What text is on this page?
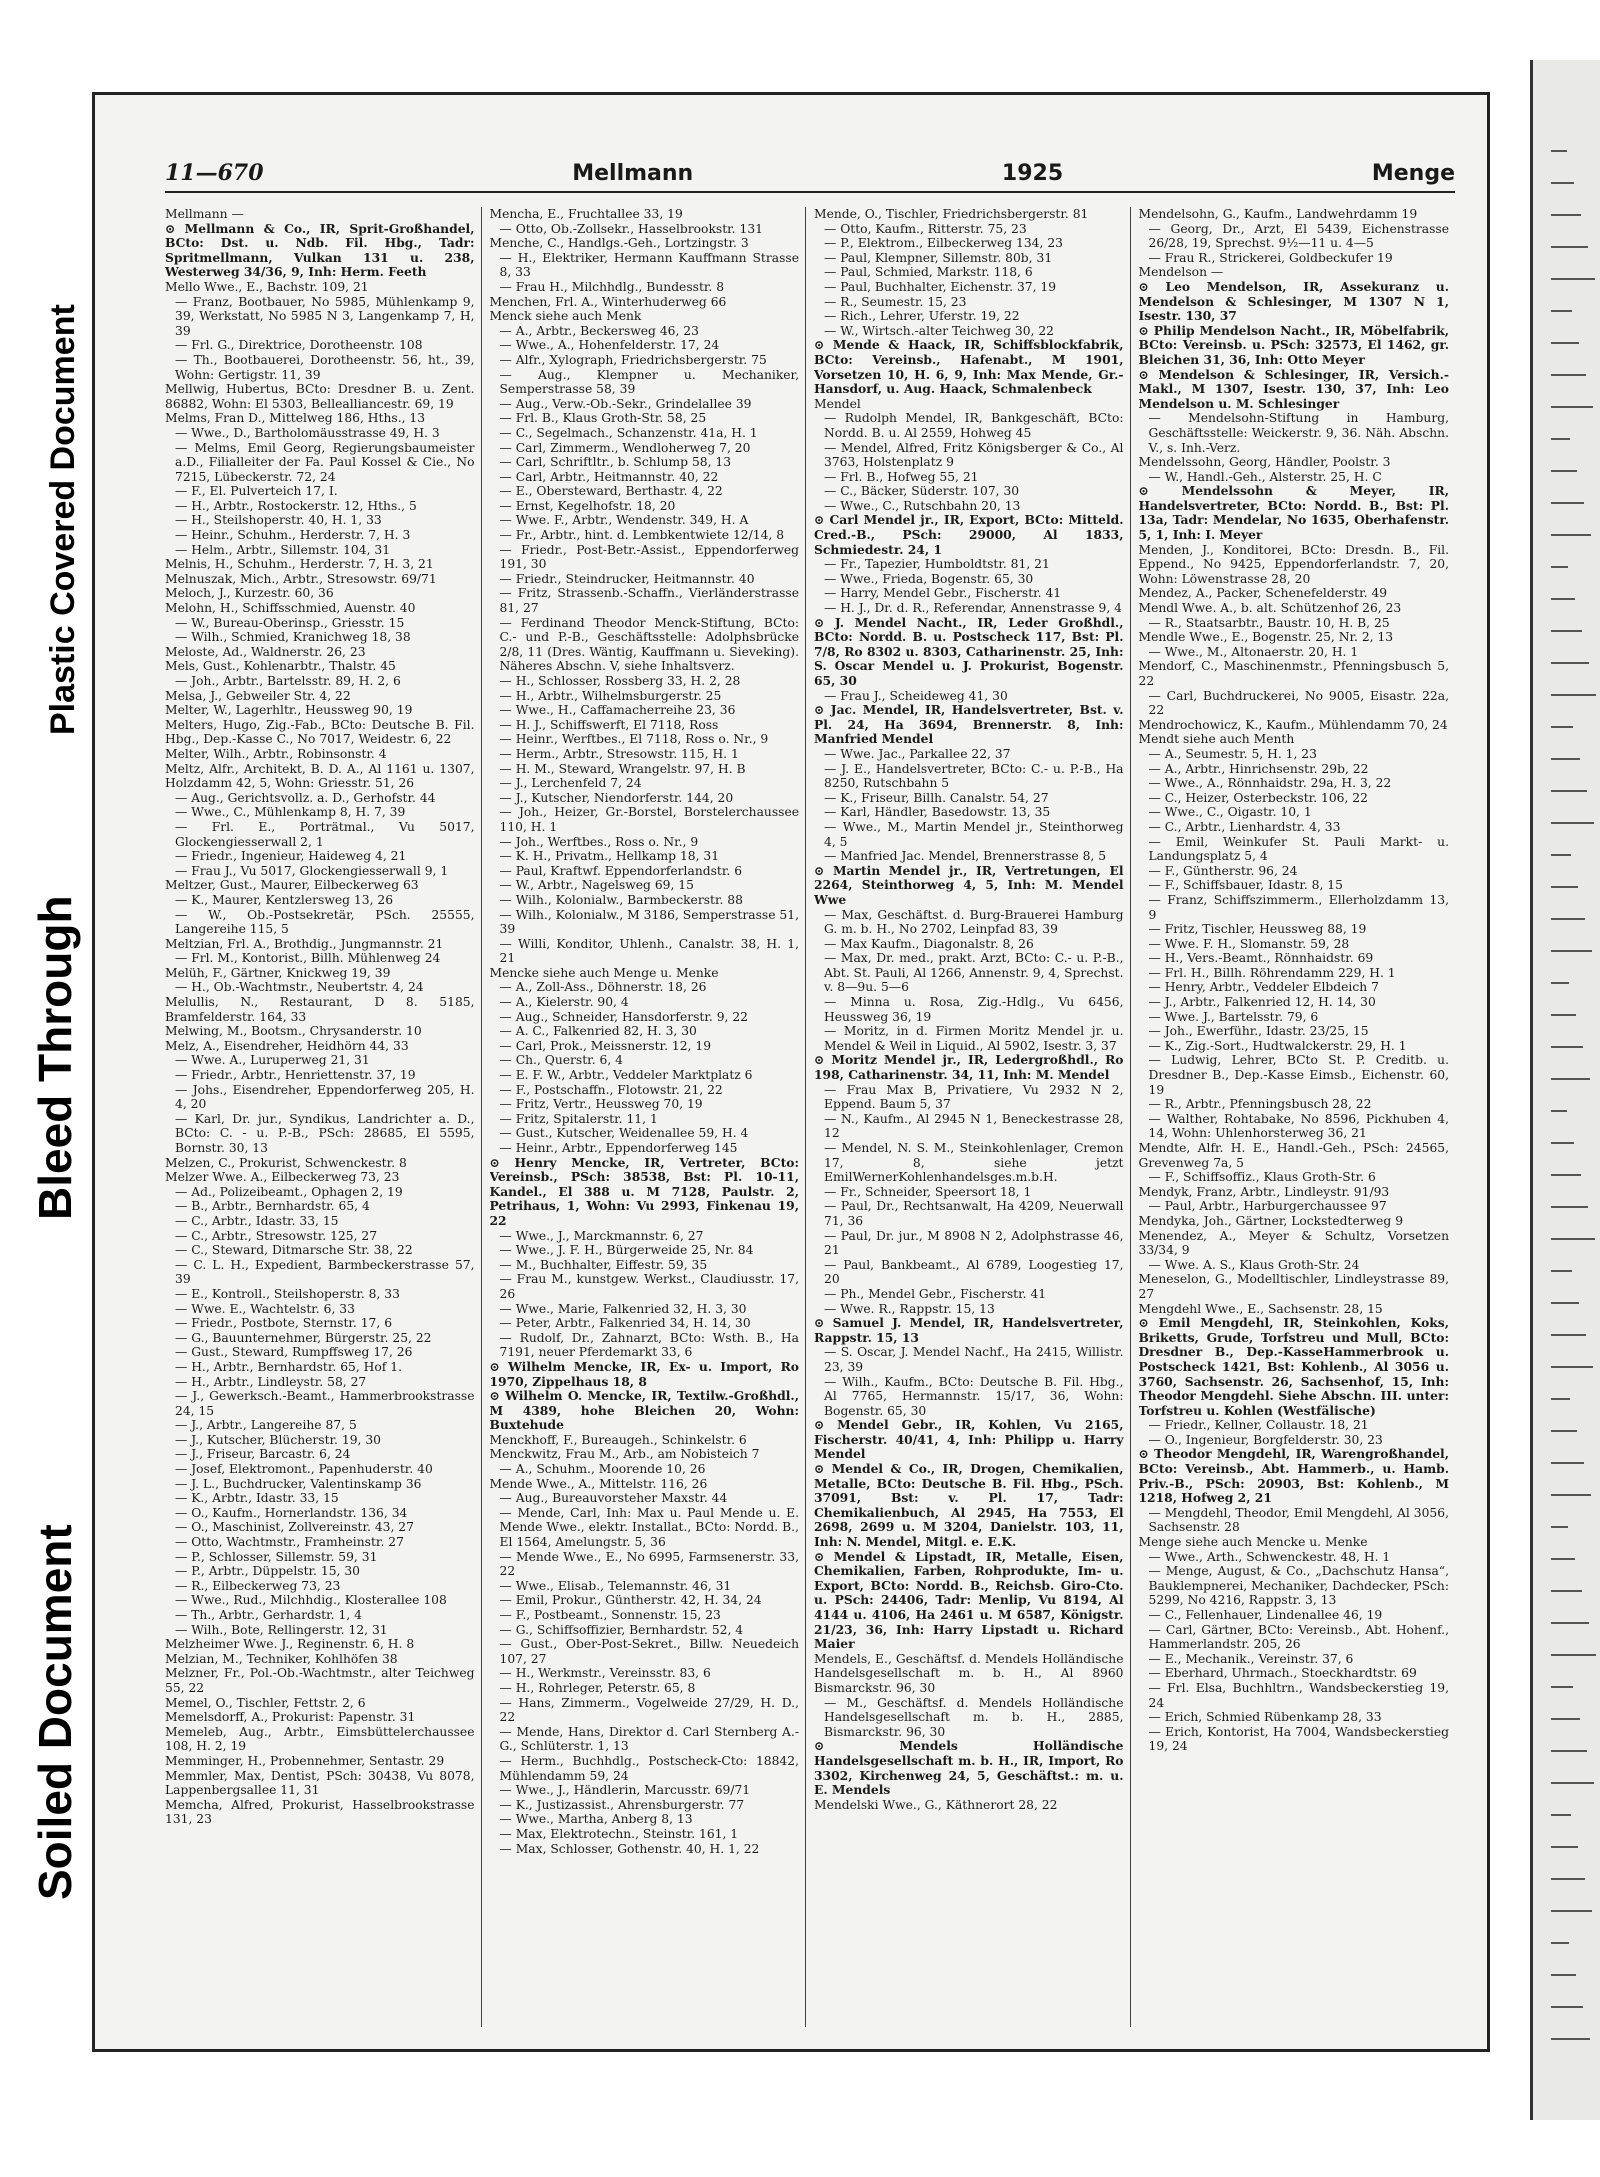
Soiled Document
Bleed Through
Plastic Covered Document
11—670	Mellmann	1925	Menge

Mellmann —

⊙ Mellmann & Co., IR, Sprit-Großhandel, BCto: Dst. u. Ndb. Fil. Hbg., Tadr: Spritmellmann, Vulkan 131 u. 238, Westerweg 34/36, 9, Inh: Herm. Feeth

Mello Wwe., E., Bachstr. 109, 21

— Franz, Bootbauer, No 5985, Mühlenkamp 9, 39, Werkstatt, No 5985 N 3, Langenkamp 7, H, 39

— Frl. G., Direktrice, Dorotheenstr. 108

— Th., Bootbauerei, Dorotheenstr. 56, ht., 39, Wohn: Gertigstr. 11, 39

Mellwig, Hubertus, BCto: Dresdner B. u. Zent. 86882, Wohn: El 5303, Bellealliancestr. 69, 19

Melms, Fran D., Mittelweg 186, Hths., 13

— Wwe., D., Bartholomäusstrasse 49, H. 3

— Melms, Emil Georg, Regierungsbaumeister a.D., Filialleiter der Fa. Paul Kossel & Cie., No 7215, Lübeckerstr. 72, 24

— F., El. Pulverteich 17, I.

— H., Arbtr., Rostockerstr. 12, Hths., 5

— H., Steilshoperstr. 40, H. 1, 33

— Heinr., Schuhm., Herderstr. 7, H. 3

— Helm., Arbtr., Sillemstr. 104, 31

Melnis, H., Schuhm., Herderstr. 7, H. 3, 21

Melnuszak, Mich., Arbtr., Stresowstr. 69/71

Meloch, J., Kurzestr. 60, 36

Melohn, H., Schiffsschmied, Auenstr. 40

— W., Bureau-Oberinsp., Griesstr. 15

— Wilh., Schmied, Kranichweg 18, 38

Meloste, Ad., Waldnerstr. 26, 23

Mels, Gust., Kohlenarbtr., Thalstr. 45

— Joh., Arbtr., Bartelsstr. 89, H. 2, 6

Melsa, J., Gebweiler Str. 4, 22

Melter, W., Lagerhltr., Heussweg 90, 19

Melters, Hugo, Zig.-Fab., BCto: Deutsche B. Fil. Hbg., Dep.-Kasse C., No 7017, Weidestr. 6, 22

Melter, Wilh., Arbtr., Robinsonstr. 4

Meltz, Alfr., Architekt, B. D. A., Al 1161 u. 1307, Holzdamm 42, 5, Wohn: Griesstr. 51, 26

— Aug., Gerichtsvollz. a. D., Gerhofstr. 44

— Wwe., C., Mühlenkamp 8, H. 7, 39

— Frl. E., Porträtmal., Vu 5017, Glockengiesserwall 2, 1

— Friedr., Ingenieur, Haideweg 4, 21

— Frau J., Vu 5017, Glockengiesserwall 9, 1

Meltzer, Gust., Maurer, Eilbeckerweg 63

— K., Maurer, Kentzlersweg 13, 26

— W., Ob.-Postsekretär, PSch. 25555, Langereihe 115, 5

Meltzian, Frl. A., Brothdig., Jungmannstr. 21

— Frl. M., Kontorist., Billh. Mühlenweg 24

Melüh, F., Gärtner, Knickweg 19, 39

— H., Ob.-Wachtmstr., Neubertstr. 4, 24

Melullis, N., Restaurant, D 8. 5185, Bramfelderstr. 164, 33

Melwing, M., Bootsm., Chrysanderstr. 10

Melz, A., Eisendreher, Heidhörn 44, 33

— Wwe. A., Luruperweg 21, 31

— Friedr., Arbtr., Henriettenstr. 37, 19

— Johs., Eisendreher, Eppendorferweg 205, H. 4, 20

— Karl, Dr. jur., Syndikus, Landrichter a. D., BCto: C. - u. P.-B., PSch: 28685, El 5595, Bornstr. 30, 13

Melzen, C., Prokurist, Schwenckestr. 8

Melzer Wwe. A., Eilbeckerweg 73, 23

— Ad., Polizeibeamt., Ophagen 2, 19

— B., Arbtr., Bernhardstr. 65, 4

— C., Arbtr., Idastr. 33, 15

— C., Arbtr., Stresowstr. 125, 27

— C., Steward, Ditmarsche Str. 38, 22

— C. L. H., Expedient, Barmbeckerstrasse 57, 39

— E., Kontroll., Steilshoperstr. 8, 33

— Wwe. E., Wachtelstr. 6, 33

— Friedr., Postbote, Sternstr. 17, 6

— G., Bauunternehmer, Bürgerstr. 25, 22

— Gust., Steward, Rumpffsweg 17, 26

— H., Arbtr., Bernhardstr. 65, Hof 1.

— H., Arbtr., Lindleystr. 58, 27

— J., Gewerksch.-Beamt., Hammerbrookstrasse 24, 15

— J., Arbtr., Langereihe 87, 5

— J., Kutscher, Blücherstr. 19, 30

— J., Friseur, Barcastr. 6, 24

— Josef, Elektromont., Papenhuderstr. 40

— J. L., Buchdrucker, Valentinskamp 36

— K., Arbtr., Idastr. 33, 15

— O., Kaufm., Hornerlandstr. 136, 34

— O., Maschinist, Zollvereinstr. 43, 27

— Otto, Wachtmstr., Framheinstr. 27

— P., Schlosser, Sillemstr. 59, 31

— P., Arbtr., Düppelstr. 15, 30

— R., Eilbeckerweg 73, 23

— Wwe., Rud., Milchhdig., Klosterallee 108

— Th., Arbtr., Gerhardstr. 1, 4

— Wilh., Bote, Rellingerstr. 12, 31

Melzheimer Wwe. J., Reginenstr. 6, H. 8

Melzian, M., Techniker, Kohlhöfen 38

Melzner, Fr., Pol.-Ob.-Wachtmstr., alter Teichweg 55, 22

Memel, O., Tischler, Fettstr. 2, 6

Memelsdorff, A., Prokurist: Papenstr. 31

Memeleb, Aug., Arbtr., Eimsbüttelerchaussee 108, H. 2, 19

Memminger, H., Probennehmer, Sentastr. 29

Memmler, Max, Dentist, PSch: 30438, Vu 8078, Lappenbergsallee 11, 31

Memcha, Alfred, Prokurist, Hasselbrookstrasse 131, 23

Mencha, E., Fruchtallee 33, 19

— Otto, Ob.-Zollsekr., Hasselbrookstr. 131

Menche, C., Handlgs.-Geh., Lortzingstr. 3

— H., Elektriker, Hermann Kauffmann Strasse 8, 33

— Frau H., Milchhdlg., Bundesstr. 8

Menchen, Frl. A., Winterhuderweg 66

Menck siehe auch Menk

— A., Arbtr., Beckersweg 46, 23

— Wwe., A., Hohenfelderstr. 17, 24

— Alfr., Xylograph, Friedrichsbergerstr. 75

— Aug., Klempner u. Mechaniker, Semperstrasse 58, 39

— Aug., Verw.-Ob.-Sekr., Grindelallee 39

— Frl. B., Klaus Groth-Str. 58, 25

— C., Segelmach., Schanzenstr. 41a, H. 1

— Carl, Zimmerm., Wendloherweg 7, 20

— Carl, Schriftltr., b. Schlump 58, 13

— Carl, Arbtr., Heitmannstr. 40, 22

— E., Obersteward, Berthastr. 4, 22

— Ernst, Kegelhofstr. 18, 20

— Wwe. F., Arbtr., Wendenstr. 349, H. A

— Fr., Arbtr., hint. d. Lembkentwiete 12/14, 8

— Friedr., Post-Betr.-Assist., Eppendorferweg 191, 30

— Friedr., Steindrucker, Heitmannstr. 40

— Fritz, Strassenb.-Schaffn., Vierländerstrasse 81, 27

— Ferdinand Theodor Menck-Stiftung, BCto: C.- und P.-B., Geschäftsstelle: Adolphsbrücke 2/8, 11 (Dres. Wäntig, Kauffmann u. Sieveking). Näheres Abschn. V, siehe Inhaltsverz.

— H., Schlosser, Rossberg 33, H. 2, 28

— H., Arbtr., Wilhelmsburgerstr. 25

— Wwe., H., Caffamacherreihe 23, 36

— H. J., Schiffswerft, El 7118, Ross

— Heinr., Werftbes., El 7118, Ross o. Nr., 9

— Herm., Arbtr., Stresowstr. 115, H. 1

— H. M., Steward, Wrangelstr. 97, H. B

— J., Lerchenfeld 7, 24

— J., Kutscher, Niendorferstr. 144, 20

— Joh., Heizer, Gr.-Borstel, Borstelerchaussee 110, H. 1

— Joh., Werftbes., Ross o. Nr., 9

— K. H., Privatm., Hellkamp 18, 31

— Paul, Kraftwf. Eppendorferlandstr. 6

— W., Arbtr., Nagelsweg 69, 15

— Wilh., Kolonialw., Barmbeckerstr. 88

— Wilh., Kolonialw., M 3186, Semperstrasse 51, 39

— Willi, Konditor, Uhlenh., Canalstr. 38, H. 1, 21

Mencke siehe auch Menge u. Menke

— A., Zoll-Ass., Döhnerstr. 18, 26

— A., Kielerstr. 90, 4

— Aug., Schneider, Hansdorferstr. 9, 22

— A. C., Falkenried 82, H. 3, 30

— Carl, Prok., Meissnerstr. 12, 19

— Ch., Querstr. 6, 4

— E. F. W., Arbtr., Veddeler Marktplatz 6

— F., Postschaffn., Flotowstr. 21, 22

— Fritz, Vertr., Heussweg 70, 19

— Fritz, Spitalerstr. 11, 1

— Gust., Kutscher, Weidenallee 59, H. 4

— Heinr., Arbtr., Eppendorferweg 145

⊙ Henry Mencke, IR, Vertreter, BCto: Vereinsb., PSch: 38538, Bst: Pl. 10-11, Kandel., El 388 u. M 7128, Paulstr. 2, Petrihaus, 1, Wohn: Vu 2993, Finkenau 19, 22

— Wwe., J., Marckmannstr. 6, 27

— Wwe., J. F. H., Bürgerweide 25, Nr. 84

— M., Buchhalter, Eiffestr. 59, 35

— Frau M., kunstgew. Werkst., Claudiusstr. 17, 26

— Wwe., Marie, Falkenried 32, H. 3, 30

— Peter, Arbtr., Falkenried 34, H. 14, 30

— Rudolf, Dr., Zahnarzt, BCto: Wsth. B., Ha 7191, neuer Pferdemarkt 33, 6

⊙ Wilhelm Mencke, IR, Ex- u. Import, Ro 1970, Zippelhaus 18, 8

⊙ Wilhelm O. Mencke, IR, Textilw.-Großhdl., M 4389, hohe Bleichen 20, Wohn: Buxtehude

Menckhoff, F., Bureaugeh., Schinkelstr. 6

Menckwitz, Frau M., Arb., am Nobisteich 7

— A., Schuhm., Moorende 10, 26

Mende Wwe., A., Mittelstr. 116, 26

— Aug., Bureauvorsteher Maxstr. 44

— Mende, Carl, Inh: Max u. Paul Mende u. E. Mende Wwe., elektr. Installat., BCto: Nordd. B., El 1564, Amelungstr. 5, 36

— Mende Wwe., E., No 6995, Farmsenerstr. 33, 22

— Wwe., Elisab., Telemannstr. 46, 31

— Emil, Prokur., Güntherstr. 42, H. 34, 24

— F., Postbeamt., Sonnenstr. 15, 23

— G., Schiffsoffizier, Bernhardstr. 52, 4

— Gust., Ober-Post-Sekret., Billw. Neuedeich 107, 27

— H., Werkmstr., Vereinsstr. 83, 6

— H., Rohrleger, Peterstr. 65, 8

— Hans, Zimmerm., Vogelweide 27/29, H. D., 22

— Mende, Hans, Direktor d. Carl Sternberg A.-G., Schlüterstr. 1, 13

— Herm., Buchhdlg., Postscheck-Cto: 18842, Mühlendamm 59, 24

— Wwe., J., Händlerin, Marcusstr. 69/71

— K., Justizassist., Ahrensburgerstr. 77

— Wwe., Martha, Anberg 8, 13

— Max, Elektrotechn., Steinstr. 161, 1

— Max, Schlosser, Gothenstr. 40, H. 1, 22

Mende, O., Tischler, Friedrichsbergerstr. 81

— Otto, Kaufm., Ritterstr. 75, 23

— P., Elektrom., Eilbeckerweg 134, 23

— Paul, Klempner, Sillemstr. 80b, 31

— Paul, Schmied, Markstr. 118, 6

— Paul, Buchhalter, Eichenstr. 37, 19

— R., Seumestr. 15, 23

— Rich., Lehrer, Uferstr. 19, 22

— W., Wirtsch.-alter Teichweg 30, 22

⊙ Mende & Haack, IR, Schiffsblockfabrik, BCto: Vereinsb., Hafenabt., M 1901, Vorsetzen 10, H. 6, 9, Inh: Max Mende, Gr.-Hansdorf, u. Aug. Haack, Schmalenbeck

Mendel

— Rudolph Mendel, IR, Bankgeschäft, BCto: Nordd. B. u. Al 2559, Hohweg 45

— Mendel, Alfred, Fritz Königsberger & Co., Al 3763, Holstenplatz 9

— Frl. B., Hofweg 55, 21

— C., Bäcker, Süderstr. 107, 30

— Wwe., C., Rutschbahn 20, 13

⊙ Carl Mendel jr., IR, Export, BCto: Mitteld. Cred.-B., PSch: 29000, Al 1833, Schmiedestr. 24, 1

— Fr., Tapezier, Humboldtstr. 81, 21

— Wwe., Frieda, Bogenstr. 65, 30

— Harry, Mendel Gebr., Fischerstr. 41

— H. J., Dr. d. R., Referendar, Annenstrasse 9, 4

⊙ J. Mendel Nacht., IR, Leder Großhdl., BCto: Nordd. B. u. Postscheck 117, Bst: Pl. 7/8, Ro 8302 u. 8303, Catharinenstr. 25, Inh: S. Oscar Mendel u. J. Prokurist, Bogenstr. 65, 30

— Frau J., Scheideweg 41, 30

⊙ Jac. Mendel, IR, Handelsvertreter, Bst. v. Pl. 24, Ha 3694, Brennerstr. 8, Inh: Manfried Mendel

— Wwe. Jac., Parkallee 22, 37

— J. E., Handelsvertreter, BCto: C.- u. P.-B., Ha 8250, Rutschbahn 5

— K., Friseur, Billh. Canalstr. 54, 27

— Karl, Händler, Basedowstr. 13, 35

— Wwe., M., Martin Mendel jr., Steinthorweg 4, 5

— Manfried Jac. Mendel, Brennerstrasse 8, 5

⊙ Martin Mendel jr., IR, Vertretungen, El 2264, Steinthorweg 4, 5, Inh: M. Mendel Wwe

— Max, Geschäftst. d. Burg-Brauerei Hamburg G. m. b. H., No 2702, Leinpfad 83, 39

— Max Kaufm., Diagonalstr. 8, 26

— Max, Dr. med., prakt. Arzt, BCto: C.- u. P.-B., Abt. St. Pauli, Al 1266, Annenstr. 9, 4, Sprechst. v. 8—9u. 5—6

— Minna u. Rosa, Zig.-Hdlg., Vu 6456, Heussweg 36, 19

— Moritz, in d. Firmen Moritz Mendel jr. u. Mendel & Weil in Liquid., Al 5902, Isestr. 3, 37

⊙ Moritz Mendel jr., IR, Ledergroßhdl., Ro 198, Catharinenstr. 34, 11, Inh: M. Mendel

— Frau Max B, Privatiere, Vu 2932 N 2, Eppend. Baum 5, 37

— N., Kaufm., Al 2945 N 1, Beneckestrasse 28, 12

— Mendel, N. S. M., Steinkohlenlager, Cremon 17, 8, siehe jetzt EmilWernerKohlenhandelsges.m.b.H.

— Fr., Schneider, Speersort 18, 1

— Paul, Dr., Rechtsanwalt, Ha 4209, Neuerwall 71, 36

— Paul, Dr. jur., M 8908 N 2, Adolphstrasse 46, 21

— Paul, Bankbeamt., Al 6789, Loogestieg 17, 20

— Ph., Mendel Gebr., Fischerstr. 41

— Wwe. R., Rappstr. 15, 13

⊙ Samuel J. Mendel, IR, Handelsvertreter, Rappstr. 15, 13

— S. Oscar, J. Mendel Nachf., Ha 2415, Willistr. 23, 39

— Wilh., Kaufm., BCto: Deutsche B. Fil. Hbg., Al 7765, Hermannstr. 15/17, 36, Wohn: Bogenstr. 65, 30

⊙ Mendel Gebr., IR, Kohlen, Vu 2165, Fischerstr. 40/41, 4, Inh: Philipp u. Harry Mendel

⊙ Mendel & Co., IR, Drogen, Chemikalien, Metalle, BCto: Deutsche B. Fil. Hbg., PSch. 37091, Bst: v. Pl. 17, Tadr: Chemikalienbuch, Al 2945, Ha 7553, El 2698, 2699 u. M 3204, Danielstr. 103, 11, Inh: N. Mendel, Mitgl. e. E.K.

⊙ Mendel & Lipstadt, IR, Metalle, Eisen, Chemikalien, Farben, Rohprodukte, Im- u. Export, BCto: Nordd. B., Reichsb. Giro-Cto. u. PSch: 24406, Tadr: Menlip, Vu 8194, Al 4144 u. 4106, Ha 2461 u. M 6587, Königstr. 21/23, 36, Inh: Harry Lipstadt u. Richard Maier

Mendels, E., Geschäftsf. d. Mendels Holländische Handelsgesellschaft m. b. H., Al 8960 Bismarckstr. 96, 30

— M., Geschäftsf. d. Mendels Holländische Handelsgesellschaft m. b. H., 2885, Bismarckstr. 96, 30

⊙ Mendels Holländische Handelsgesellschaft m. b. H., IR, Import, Ro 3302, Kirchenweg 24, 5, Geschäftst.: m. u. E. Mendels

Mendelski Wwe., G., Käthnerort 28, 22

Mendelsohn, G., Kaufm., Landwehrdamm 19

— Georg, Dr., Arzt, El 5439, Eichenstrasse 26/28, 19, Sprechst. 9½—11 u. 4—5

— Frau R., Strickerei, Goldbeckufer 19

Mendelson —

⊙ Leo Mendelson, IR, Assekuranz u. Mendelson & Schlesinger, M 1307 N 1, Isestr. 130, 37

⊙ Philip Mendelson Nacht., IR, Möbelfabrik, BCto: Vereinsb. u. PSch: 32573, El 1462, gr. Bleichen 31, 36, Inh: Otto Meyer

⊙ Mendelson & Schlesinger, IR, Versich.-Makl., M 1307, Isestr. 130, 37, Inh: Leo Mendelson u. M. Schlesinger

— Mendelsohn-Stiftung in Hamburg, Geschäftsstelle: Weickerstr. 9, 36. Näh. Abschn. V., s. Inh.-Verz.

Mendelssohn, Georg, Händler, Poolstr. 3

— W., Handl.-Geh., Alsterstr. 25, H. C

⊙ Mendelssohn & Meyer, IR, Handelsvertreter, BCto: Nordd. B., Bst: Pl. 13a, Tadr: Mendelar, No 1635, Oberhafenstr. 5, 1, Inh: I. Meyer

Menden, J., Konditorei, BCto: Dresdn. B., Fil. Eppend., No 9425, Eppendorferlandstr. 7, 20, Wohn: Löwenstrasse 28, 20

Mendez, A., Packer, Schenefelderstr. 49

Mendl Wwe. A., b. alt. Schützenhof 26, 23

— R., Staatsarbtr., Baustr. 10, H. B, 25

Mendle Wwe., E., Bogenstr. 25, Nr. 2, 13

— Wwe., M., Altonaerstr. 20, H. 1

Mendorf, C., Maschinenmstr., Pfenningsbusch 5, 22

— Carl, Buchdruckerei, No 9005, Eisastr. 22a, 22

Mendrochowicz, K., Kaufm., Mühlendamm 70, 24

Mendt siehe auch Menth

— A., Seumestr. 5, H. 1, 23

— A., Arbtr., Hinrichsenstr. 29b, 22

— Wwe., A., Rönnhaidstr. 29a, H. 3, 22

— C., Heizer, Osterbeckstr. 106, 22

— Wwe., C., Oigastr. 10, 1

— C., Arbtr., Lienhardstr. 4, 33

— Emil, Weinkufer St. Pauli Markt- u. Landungsplatz 5, 4

— F., Güntherstr. 96, 24

— F., Schiffsbauer, Idastr. 8, 15

— Franz, Schiffszimmerm., Ellerholzdamm 13, 9

— Fritz, Tischler, Heussweg 88, 19

— Wwe. F. H., Slomanstr. 59, 28

— H., Vers.-Beamt., Rönnhaidstr. 69

— Frl. H., Billh. Röhrendamm 229, H. 1

— Henry, Arbtr., Veddeler Elbdeich 7

— J., Arbtr., Falkenried 12, H. 14, 30

— Wwe. J., Bartelsstr. 79, 6

— Joh., Ewerführ., Idastr. 23/25, 15

— K., Zig.-Sort., Hudtwalckerstr. 29, H. 1

— Ludwig, Lehrer, BCto St. P. Creditb. u. Dresdner B., Dep.-Kasse Eimsb., Eichenstr. 60, 19

— R., Arbtr., Pfenningsbusch 28, 22

— Walther, Rohtabake, No 8596, Pickhuben 4, 14, Wohn: Uhlenhorsterweg 36, 21

Mendte, Alfr. H. E., Handl.-Geh., PSch: 24565, Grevenweg 7a, 5

— F., Schiffsoffiz., Klaus Groth-Str. 6

Mendyk, Franz, Arbtr., Lindleystr. 91/93

— Paul, Arbtr., Harburgerchaussee 97

Mendyka, Joh., Gärtner, Lockstedterweg 9

Menendez, A., Meyer & Schultz, Vorsetzen 33/34, 9

— Wwe. A. S., Klaus Groth-Str. 24

Meneselon, G., Modelltischler, Lindleystrasse 89, 27

Mengdehl Wwe., E., Sachsenstr. 28, 15

⊙ Emil Mengdehl, IR, Steinkohlen, Koks, Briketts, Grude, Torfstreu und Mull, BCto: Dresdner B., Dep.-KasseHammerbrook u. Postscheck 1421, Bst: Kohlenb., Al 3056 u. 3760, Sachsenstr. 26, Sachsenhof, 15, Inh: Theodor Mengdehl. Siehe Abschn. III. unter: Torfstreu u. Kohlen (Westfälische)

— Friedr., Kellner, Collaustr. 18, 21

— O., Ingenieur, Borgfelderstr. 30, 23

⊙ Theodor Mengdehl, IR, Warengroßhandel, BCto: Vereinsb., Abt. Hammerb., u. Hamb. Priv.-B., PSch: 20903, Bst: Kohlenb., M 1218, Hofweg 2, 21

— Mengdehl, Theodor, Emil Mengdehl, Al 3056, Sachsenstr. 28

Menge siehe auch Mencke u. Menke

— Wwe., Arth., Schwenckestr. 48, H. 1

— Menge, August, & Co., „Dachschutz Hansa“, Bauklempnerei, Mechaniker, Dachdecker, PSch: 5299, No 4216, Rappstr. 3, 13

— C., Fellenhauer, Lindenallee 46, 19

— Carl, Gärtner, BCto: Vereinsb., Abt. Hohenf., Hammerlandstr. 205, 26

— E., Mechanik., Vereinstr. 37, 6

— Eberhard, Uhrmach., Stoeckhardtstr. 69

— Frl. Elsa, Buchhltrn., Wandsbeckerstieg 19, 24

— Erich, Schmied Rübenkamp 28, 33

— Erich, Kontorist, Ha 7004, Wandsbeckerstieg 19, 24
